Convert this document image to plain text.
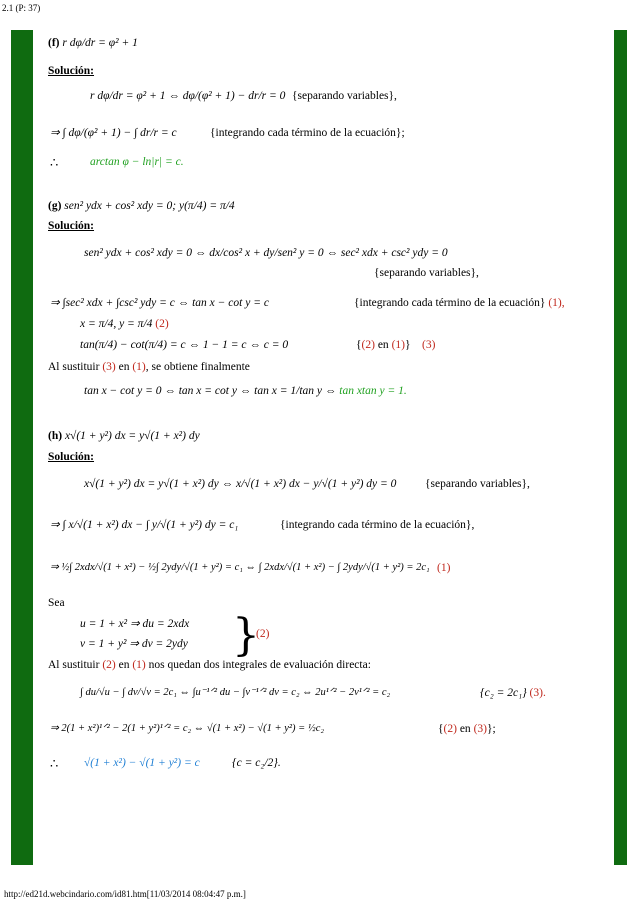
2.1 (P: 37)
(f) r dφ/dr = φ² + 1
Solución:
r dφ/dr = φ² + 1 ⇔ dφ/(φ² + 1) − dr/r = 0 {separando variables},
⇒ ∫ dφ/(φ² + 1) − ∫ dr/r = c	{integrando cada término de la ecuación};
∴	arctan φ − ln|r| = c.
(g) sen² ydx + cos² xdy = 0; y(π/4) = π/4
Solución:
sen² ydx + cos² xdy = 0 ⇔ dx/cos² x + dy/sen² y = 0 ⇔ sec² xdx + csc² ydy = 0
{separando variables},
⇒ ∫sec² xdx + ∫csc² ydy = c ⇔ tan x − cot y = c	{integrando cada término de la ecuación} (1),
x = π/4, y = π/4 (2)
tan(π/4) − cot(π/4) = c ⇔ 1 − 1 = c ⇔ c = 0	{(2) en (1)} (3)
Al sustituir (3) en (1), se obtiene finalmente
tan x − cot y = 0 ⇔ tan x = cot y ⇔ tan x = 1/tan y ⇔ tan xtan y = 1.
(h) x√(1 + y²) dx = y√(1 + x²) dy
Solución:
x√(1 + y²) dx = y√(1 + x²) dy ⇔ x/√(1 + x²) dx − y/√(1 + y²) dy = 0 {separando variables},
⇒ ∫ x/√(1 + x²) dx − ∫ y/√(1 + y²) dy = c₁	{integrando cada término de la ecuación},
⇒ ½∫ 2xdx/√(1 + x²) − ½∫ 2ydy/√(1 + y²) = c₁ ⇔ ∫ 2xdx/√(1 + x²) − ∫ 2ydy/√(1 + y²) = 2c₁ (1)
Sea
u = 1 + x² ⇒ du = 2xdx
v = 1 + y² ⇒ dv = 2ydy }
(2)
Al sustituir (2) en (1) nos quedan dos integrales de evaluación directa:
∫ du/√u − ∫ dv/√v = 2c₁ ⇔ ∫u⁻¹ᐟ² du − ∫v⁻¹ᐟ² dv = c₂ ⇔ 2u¹ᐟ² − 2v¹ᐟ² = c₂	{c₂ = 2c₁} (3).
⇒ 2(1 + x²)¹ᐟ² − 2(1 + y²)¹ᐟ² = c₂ ⇔ √(1 + x²) − √(1 + y²) = ½c₂	{(2) en (3)};
∴ √(1 + x²) − √(1 + y²) = c	{c = c₂/2}.
http://ed21d.webcindario.com/id81.htm[11/03/2014 08:04:47 p.m.]
